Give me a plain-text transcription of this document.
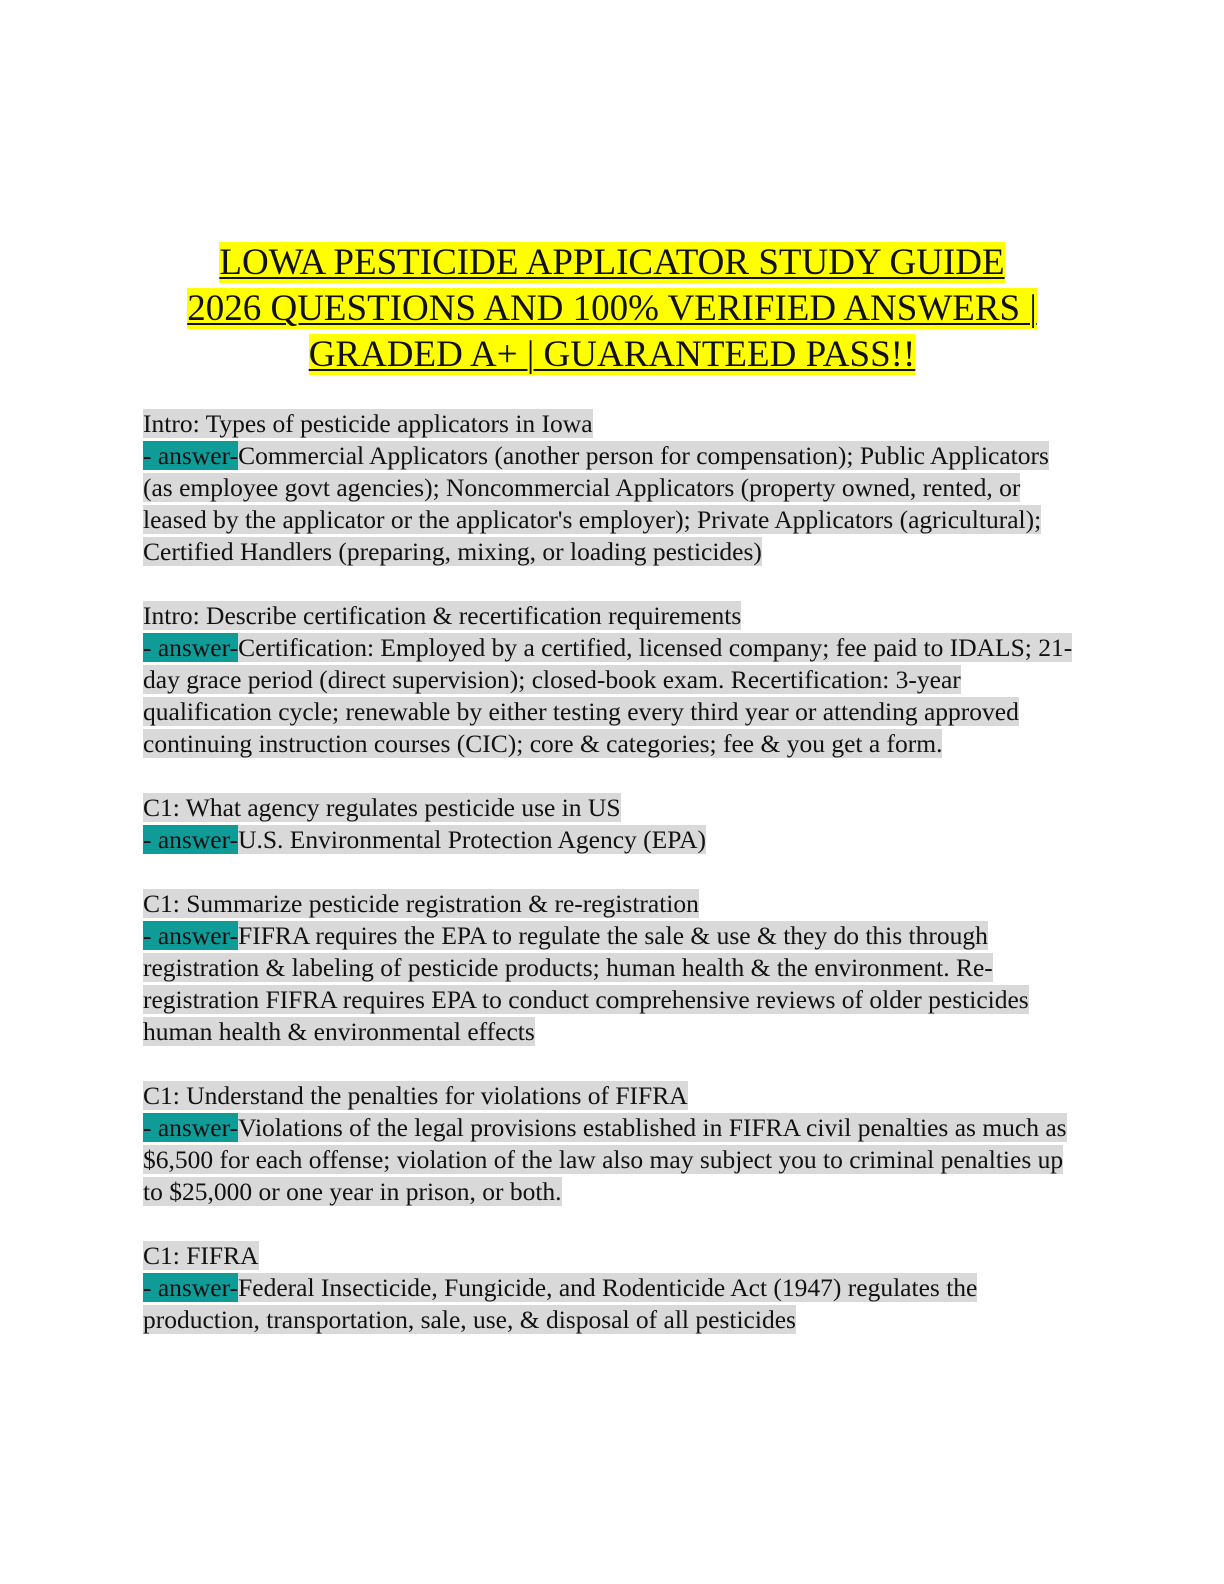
LOWA PESTICIDE APPLICATOR STUDY GUIDE
2026 QUESTIONS AND 100% VERIFIED ANSWERS |
GRADED A+ | GUARANTEED PASS!!
Intro: Types of pesticide applicators in Iowa
- answer-Commercial Applicators (another person for compensation); Public Applicators (as employee govt agencies); Noncommercial Applicators (property owned, rented, or leased by the applicator or the applicator's employer); Private Applicators (agricultural); Certified Handlers (preparing, mixing, or loading pesticides)
Intro: Describe certification & recertification requirements
- answer-Certification: Employed by a certified, licensed company; fee paid to IDALS; 21-day grace period (direct supervision); closed-book exam. Recertification: 3-year qualification cycle; renewable by either testing every third year or attending approved continuing instruction courses (CIC); core & categories; fee & you get a form.
C1: What agency regulates pesticide use in US
- answer-U.S. Environmental Protection Agency (EPA)
C1: Summarize pesticide registration & re-registration
- answer-FIFRA requires the EPA to regulate the sale & use & they do this through registration & labeling of pesticide products; human health & the environment. Re-registration FIFRA requires EPA to conduct comprehensive reviews of older pesticides human health & environmental effects
C1: Understand the penalties for violations of FIFRA
- answer-Violations of the legal provisions established in FIFRA civil penalties as much as $6,500 for each offense; violation of the law also may subject you to criminal penalties up to $25,000 or one year in prison, or both.
C1: FIFRA
- answer-Federal Insecticide, Fungicide, and Rodenticide Act (1947) regulates the production, transportation, sale, use, & disposal of all pesticides
